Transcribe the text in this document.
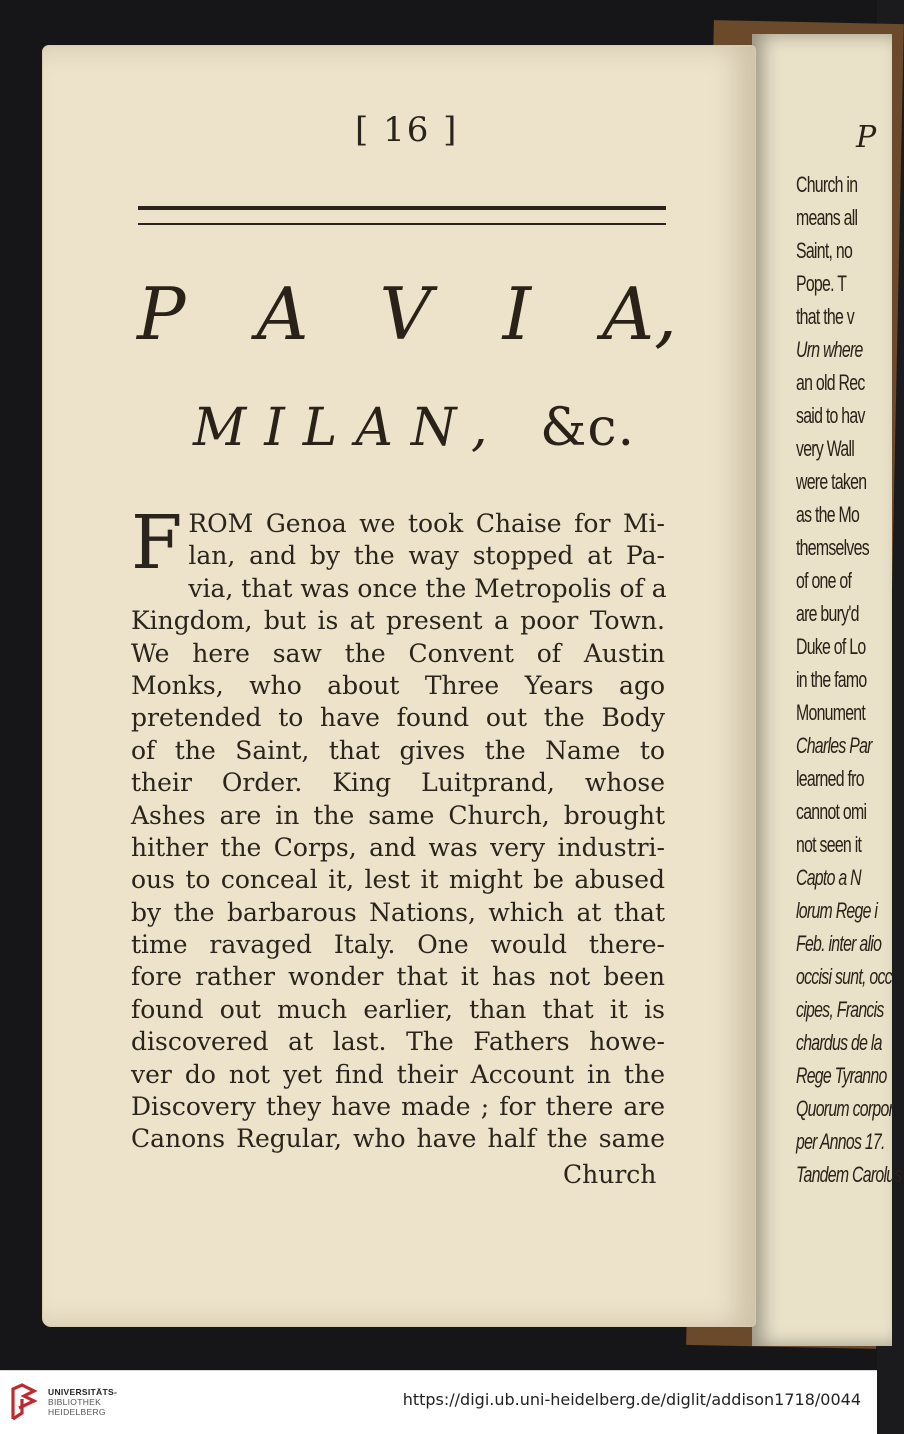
P
Church in
means all
Saint, no
Pope. T
that the v
Urn where
an old Rec
said to hav
very Wall
were taken
as the Mo
themselves
of one of
are bury'd
Duke of Lo
in the famo
Monument
Charles Par
learned fro
cannot omi
not seen it
Capto a N
lorum Rege i
Feb. inter alio
occisi sunt, occ
cipes, Francis
chardus de la
Rege Tyranno
Quorum corpor
per Annos 17.
Tandem Carolus
[ 16 ]
P A V I A,
MILAN, &c.
F ROM Genoa we took Chaise for Mi-
lan, and by the way stopped at Pa-
via, that was once the Metropolis of a
Kingdom, but is at present a poor Town.
We here saw the Convent of Austin
Monks, who about Three Years ago
pretended to have found out the Body
of the Saint, that gives the Name to
their Order. King Luitprand, whose
Ashes are in the same Church, brought
hither the Corps, and was very industri-
ous to conceal it, lest it might be abused
by the barbarous Nations, which at that
time ravaged Italy. One would there-
fore rather wonder that it has not been
found out much earlier, than that it is
discovered at last. The Fathers howe-
ver do not yet find their Account in the
Discovery they have made ; for there are
Canons Regular, who have half the same
Church
UNIVERSITÄTS-
BIBLIOTHEK
HEIDELBERG
https://digi.ub.uni-heidelberg.de/diglit/addison1718/0044
